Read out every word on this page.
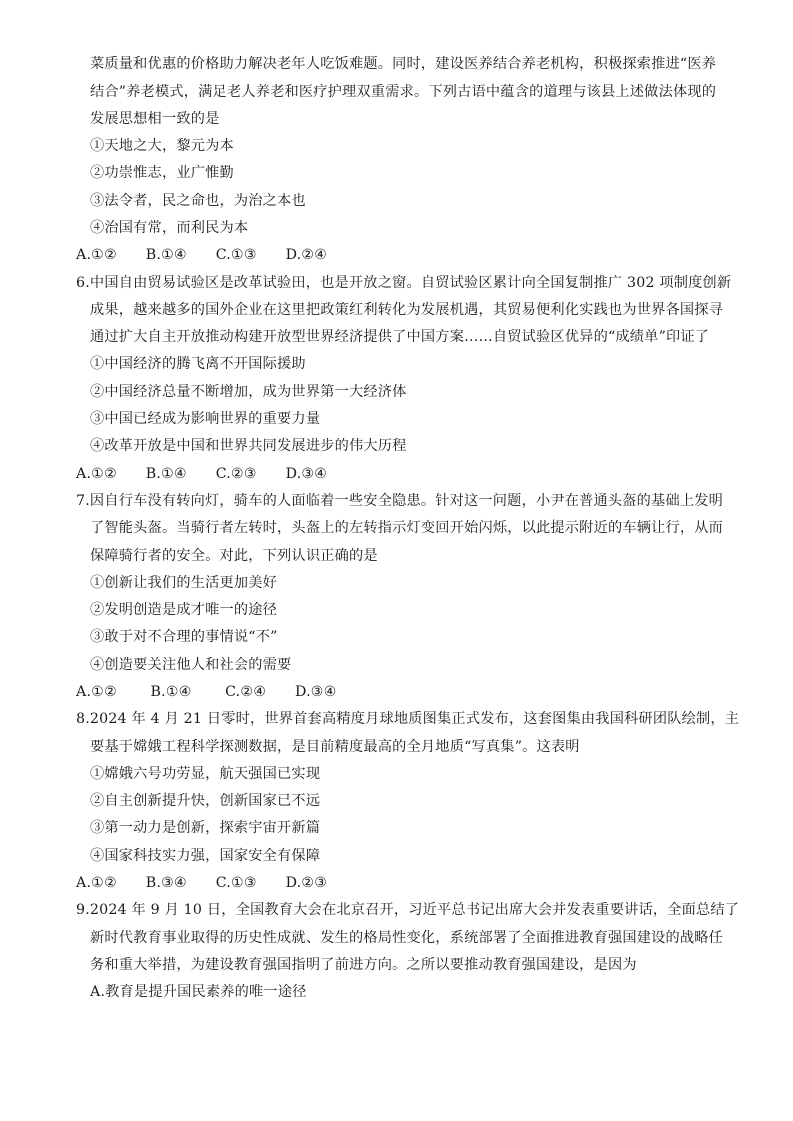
菜质量和优惠的价格助力解决老年人吃饭难题。同时，建设医养结合养老机构，积极探索推进“医养
结合”养老模式，满足老人养老和医疗护理双重需求。下列古语中蕴含的道理与该县上述做法体现的
发展思想相一致的是
①天地之大，黎元为本
②功崇惟志，业广惟勤
③法令者，民之命也，为治之本也
④治国有常，而利民为本
A.①②　　B.①④　　C.①③　　D.②④
6.中国自由贸易试验区是改革试验田，也是开放之窗。自贸试验区累计向全国复制推广 302 项制度创新
成果，越来越多的国外企业在这里把政策红利转化为发展机遇，其贸易便利化实践也为世界各国探寻
通过扩大自主开放推动构建开放型世界经济提供了中国方案……自贸试验区优异的“成绩单”印证了
①中国经济的腾飞离不开国际援助
②中国经济总量不断增加，成为世界第一大经济体
③中国已经成为影响世界的重要力量
④改革开放是中国和世界共同发展进步的伟大历程
A.①②　　B.①④　　C.②③　　D.③④
7.因自行车没有转向灯，骑车的人面临着一些安全隐患。针对这一问题，小尹在普通头盔的基础上发明
了智能头盔。当骑行者左转时，头盔上的左转指示灯变回开始闪烁，以此提示附近的车辆让行，从而
保障骑行者的安全。对此，下列认识正确的是
①创新让我们的生活更加美好
②发明创造是成才唯一的途径
③敢于对不合理的事情说“不”
④创造要关注他人和社会的需要
A.①②　　 B.①④　　 C.②④　　D.③④
8.2024 年 4 月 21 日零时，世界首套高精度月球地质图集正式发布，这套图集由我国科研团队绘制，主
要基于嫦娥工程科学探测数据，是目前精度最高的全月地质“写真集”。这表明
①嫦娥六号功劳显，航天强国已实现
②自主创新提升快，创新国家已不远
③第一动力是创新，探索宇宙开新篇
④国家科技实力强，国家安全有保障
A.①②　　B.③④　　C.①③　　D.②③
9.2024 年 9 月 10 日，全国教育大会在北京召开，习近平总书记出席大会并发表重要讲话，全面总结了
新时代教育事业取得的历史性成就、发生的格局性变化，系统部署了全面推进教育强国建设的战略任
务和重大举措，为建设教育强国指明了前进方向。之所以要推动教育强国建设，是因为
A.教育是提升国民素养的唯一途径
